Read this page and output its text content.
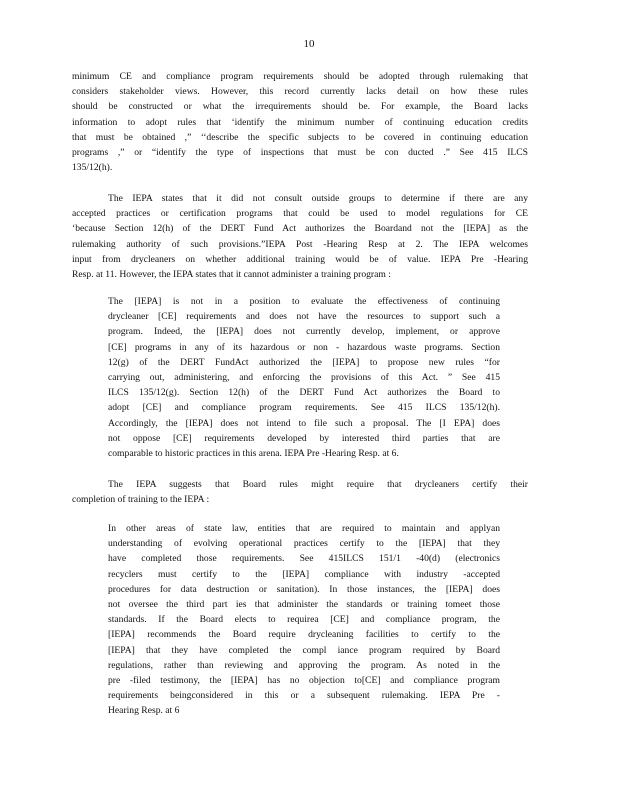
10

minimum CE and compliance program requirements should be adopted through rulemaking that
considers stakeholder views. However, this record currently lacks detail on how these rules
should be constructed or what the irrequirements should be. For example, the Board lacks
information to adopt rules that ‘identify the minimum number of continuing education credits
that must be obtained ,” ‘‘describe the specific subjects to be covered in continuing education
programs ,” or “identify the type of inspections that must be con ducted .” See 415 ILCS
135/12(h).

The IEPA states that it did not consult outside groups to determine if there are any
accepted practices or certification programs that could be used to model regulations for CE
‘because Section 12(h) of the DERT Fund Act authorizes the Boardand not the [IEPA] as the
rulemaking authority of such provisions.”IEPA Post -Hearing Resp at 2. The IEPA welcomes
input from drycleaners on whether additional training would be of value. IEPA Pre -Hearing
Resp. at 11. However, the IEPA states that it cannot administer a training program :

The [IEPA] is not in a position to evaluate the effectiveness of continuing
drycleaner [CE] requirements and does not have the resources to support such a
program. Indeed, the [IEPA] does not currently develop, implement, or approve
[CE] programs in any of its hazardous or non - hazardous waste programs. Section
12(g) of the DERT FundAct authorized the [IEPA] to propose new rules “for
carrying out, administering, and enforcing the provisions of this Act. ” See 415
ILCS 135/12(g). Section 12(h) of the DERT Fund Act authorizes the Board to
adopt [CE] and compliance program requirements. See 415 ILCS 135/12(h).
Accordingly, the [IEPA] does not intend to file such a proposal. The [I EPA] does
not oppose [CE] requirements developed by interested third parties that are
comparable to historic practices in this arena. IEPA Pre -Hearing Resp. at 6.

The IEPA suggests that Board rules might require that drycleaners certify their
completion of training to the IEPA :

In other areas of state law, entities that are required to maintain and applyan
understanding of evolving operational practices certify to the [IEPA] that they
have completed those requirements. See 415ILCS 151/1 -40(d) (electronics
recyclers must certify to the [IEPA] compliance with industry -accepted
procedures for data destruction or sanitation). In those instances, the [IEPA] does
not oversee the third part ies that administer the standards or training tomeet those
standards. If the Board elects to requirea [CE] and compliance program, the
[IEPA] recommends the Board require drycleaning facilities to certify to the
[IEPA] that they have completed the compl iance program required by Board
regulations, rather than reviewing and approving the program. As noted in the
pre -filed testimony, the [IEPA] has no objection to[CE] and compliance program
requirements beingconsidered in this or a subsequent rulemaking. IEPA Pre -
Hearing Resp. at 6
